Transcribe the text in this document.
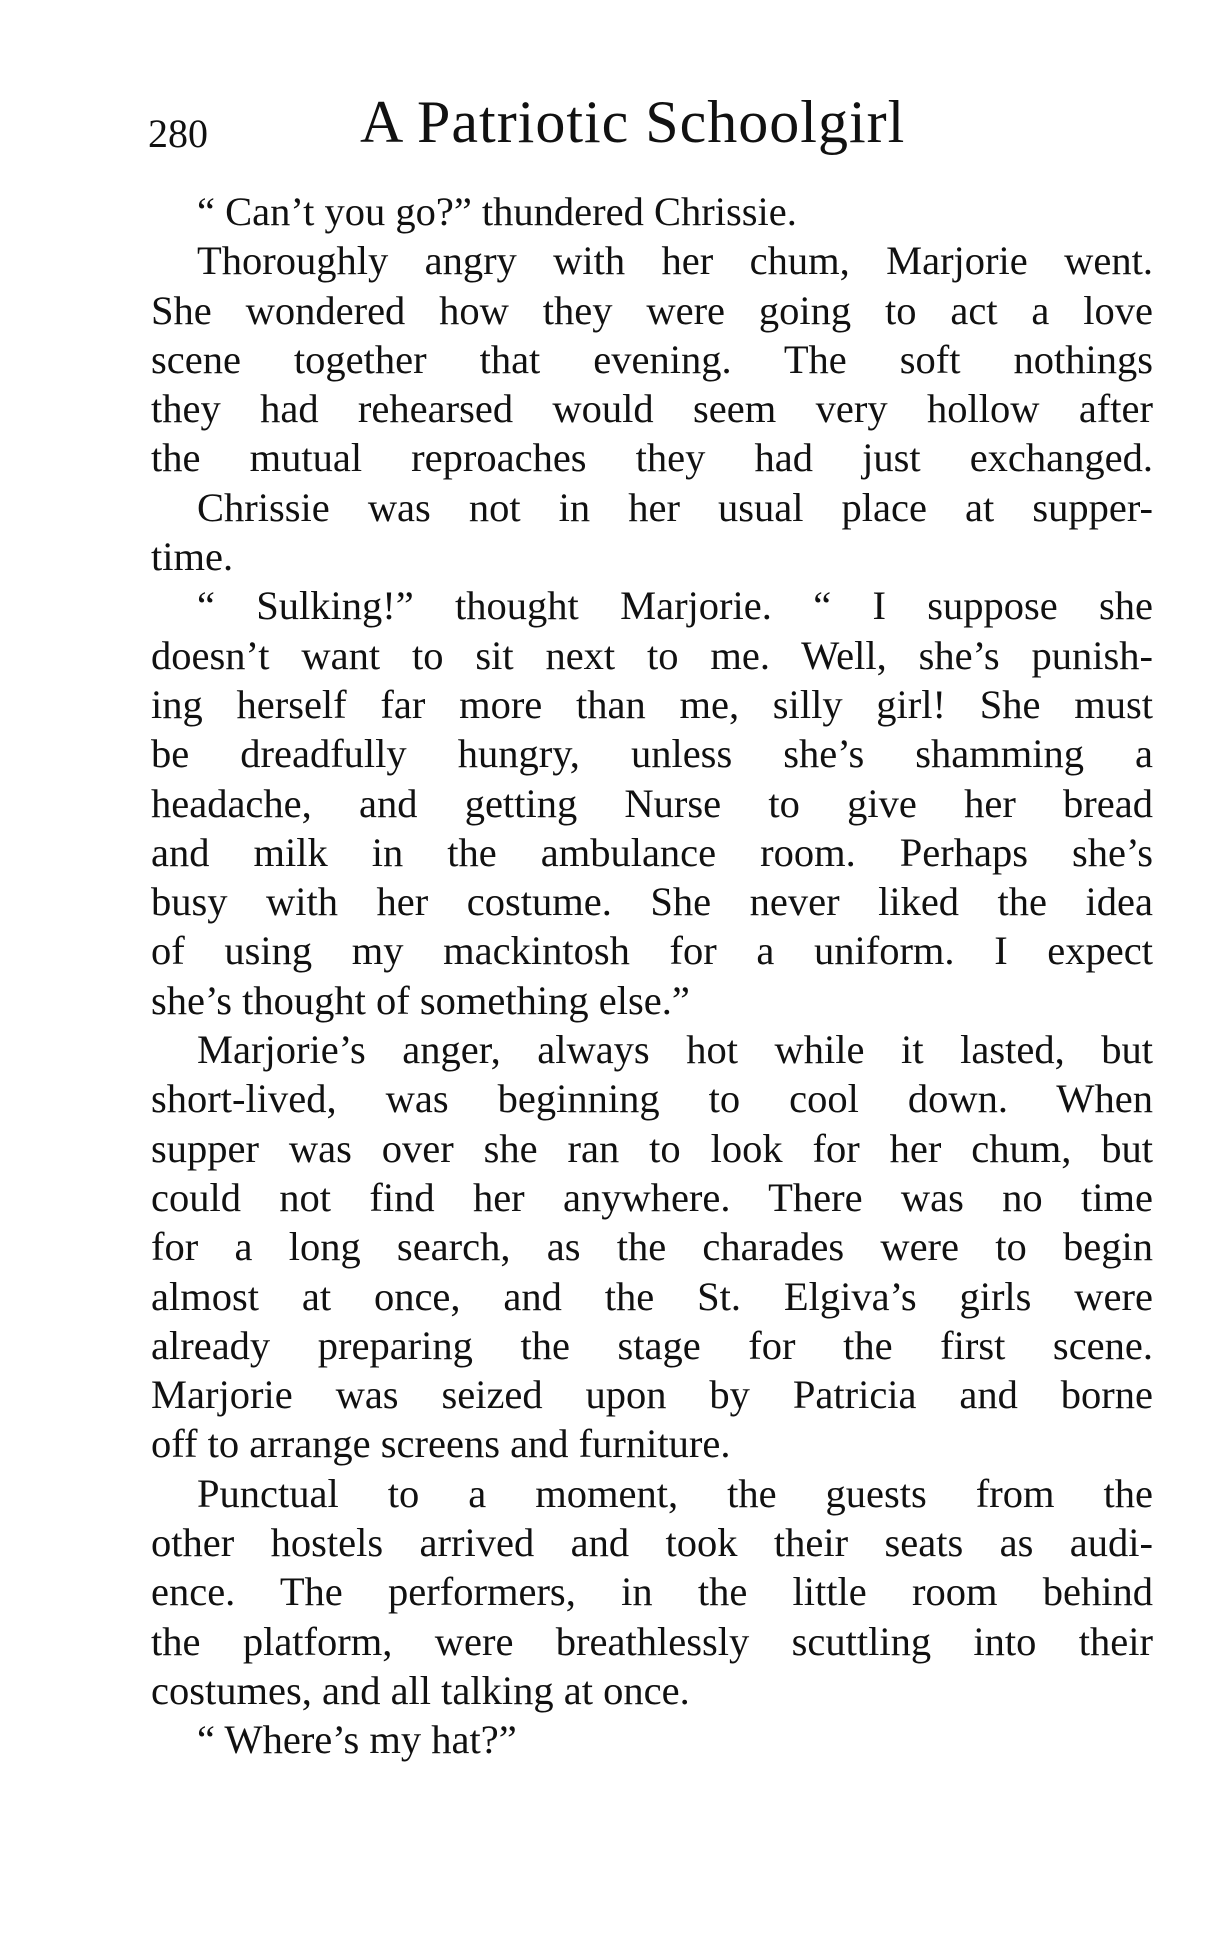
280	A Patriotic Schoolgirl
“ Can’t you go?” thundered Chrissie.
Thoroughly angry with her chum, Marjorie went.
She wondered how they were going to act a love
scene together that evening. The soft nothings
they had rehearsed would seem very hollow after
the mutual reproaches they had just exchanged.
Chrissie was not in her usual place at supper-
time.
“ Sulking!” thought Marjorie. “ I suppose she
doesn’t want to sit next to me. Well, she’s punish-
ing herself far more than me, silly girl! She must
be dreadfully hungry, unless she’s shamming a
headache, and getting Nurse to give her bread
and milk in the ambulance room. Perhaps she’s
busy with her costume. She never liked the idea
of using my mackintosh for a uniform. I expect
she’s thought of something else.”
Marjorie’s anger, always hot while it lasted, but
short-lived, was beginning to cool down. When
supper was over she ran to look for her chum, but
could not find her anywhere. There was no time
for a long search, as the charades were to begin
almost at once, and the St. Elgiva’s girls were
already preparing the stage for the first scene.
Marjorie was seized upon by Patricia and borne
off to arrange screens and furniture.
Punctual to a moment, the guests from the
other hostels arrived and took their seats as audi-
ence. The performers, in the little room behind
the platform, were breathlessly scuttling into their
costumes, and all talking at once.
“ Where’s my hat?”
